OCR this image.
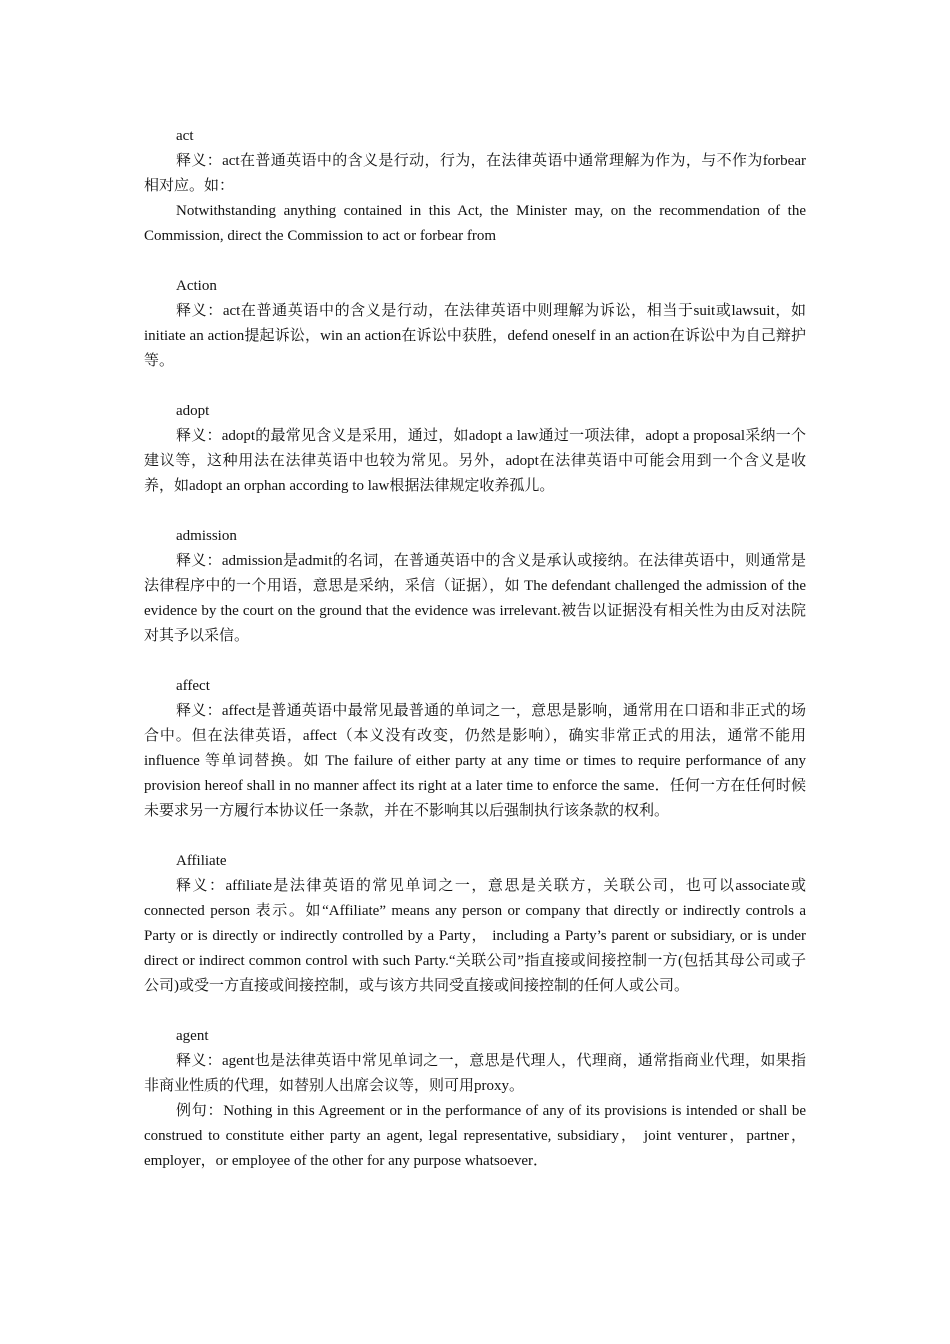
act

释义：act在普通英语中的含义是行动，行为，在法律英语中通常理解为作为，与不作为forbear相对应。如：

Notwithstanding anything contained in this Act, the Minister may, on the recommendation of the Commission, direct the Commission to act or forbear from

Action

释义：act在普通英语中的含义是行动，在法律英语中则理解为诉讼，相当于suit或lawsuit，如initiate an action提起诉讼，win an action在诉讼中获胜，defend oneself in an action在诉讼中为自己辩护等。

adopt

释义：adopt的最常见含义是采用，通过，如adopt a law通过一项法律，adopt a proposal采纳一个建议等，这种用法在法律英语中也较为常见。另外，adopt在法律英语中可能会用到一个含义是收养，如adopt an orphan according to law根据法律规定收养孤儿。

admission

释义：admission是admit的名词，在普通英语中的含义是承认或接纳。在法律英语中，则通常是法律程序中的一个用语，意思是采纳，采信（证据），如 The defendant challenged the admission of the evidence by the court on the ground that the evidence was irrelevant.被告以证据没有相关性为由反对法院对其予以采信。

affect

释义：affect是普通英语中最常见最普通的单词之一，意思是影响，通常用在口语和非正式的场合中。但在法律英语，affect（本义没有改变，仍然是影响），确实非常正式的用法，通常不能用 influence 等单词替换。如 The failure of either party at any time or times to require performance of any provision hereof shall in no manner affect its right at a later time to enforce the same．任何一方在任何时候未要求另一方履行本协议任一条款，并在不影响其以后强制执行该条款的权利。

Affiliate

释义：affiliate是法律英语的常见单词之一，意思是关联方，关联公司，也可以associate或connected person 表示。如“Affiliate” means any person or company that directly or indirectly controls a Party or is directly or indirectly controlled by a Party， including a Party’s parent or subsidiary, or is under direct or indirect common control with such Party.“关联公司”指直接或间接控制一方(包括其母公司或子公司)或受一方直接或间接控制，或与该方共同受直接或间接控制的任何人或公司。

agent

释义：agent也是法律英语中常见单词之一，意思是代理人，代理商，通常指商业代理，如果指非商业性质的代理，如替别人出席会议等，则可用proxy。

例句：Nothing in this Agreement or in the performance of any of its provisions is intended or shall be construed to constitute either party an agent, legal representative, subsidiary， joint venturer，partner，employer，or employee of the other for any purpose whatsoever．
